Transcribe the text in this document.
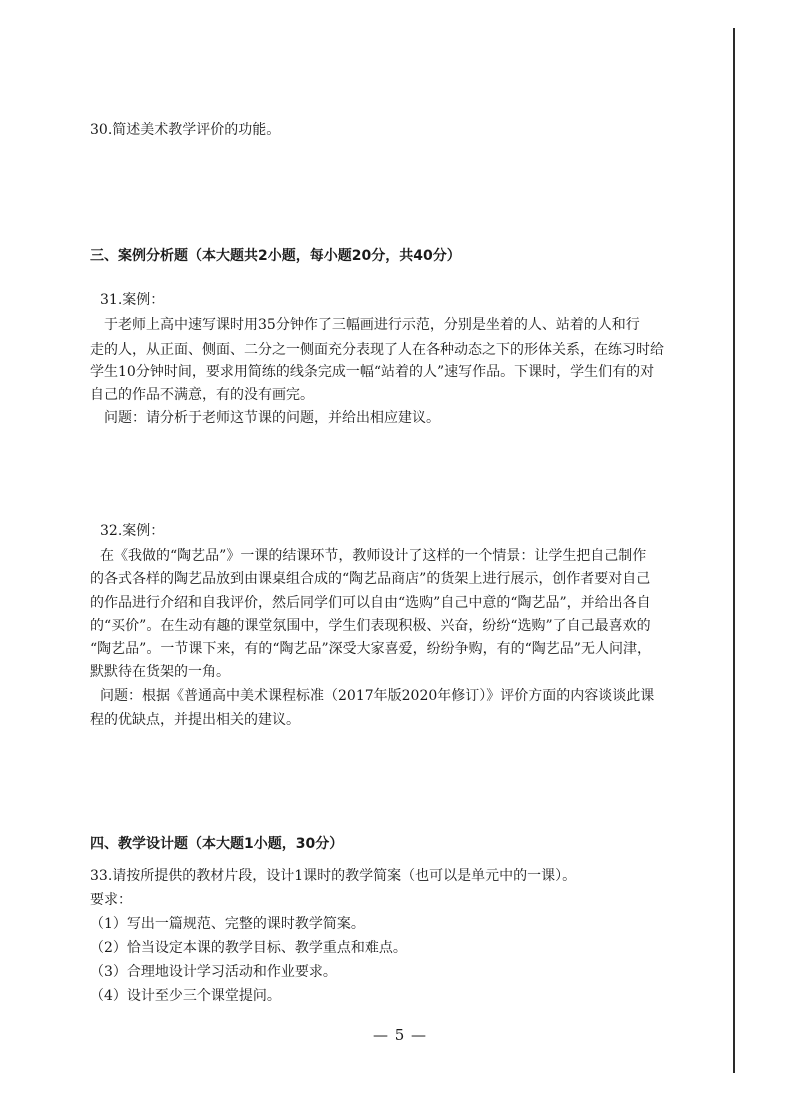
30.简述美术教学评价的功能。

三、案例分析题（本大题共2小题，每小题20分，共40分）

31.案例：

于老师上高中速写课时用35分钟作了三幅画进行示范，分别是坐着的人、站着的人和行

走的人，从正面、侧面、二分之一侧面充分表现了人在各种动态之下的形体关系，在练习时给

学生10分钟时间，要求用简练的线条完成一幅“站着的人”速写作品。下课时，学生们有的对

自己的作品不满意，有的没有画完。

问题：请分析于老师这节课的问题，并给出相应建议。

32.案例：

在《我做的“陶艺品”》一课的结课环节，教师设计了这样的一个情景：让学生把自己制作

的各式各样的陶艺品放到由课桌组合成的“陶艺品商店”的货架上进行展示，创作者要对自己

的作品进行介绍和自我评价，然后同学们可以自由“选购”自己中意的“陶艺品”，并给出各自

的“买价”。在生动有趣的课堂氛围中，学生们表现积极、兴奋，纷纷“选购”了自己最喜欢的

“陶艺品”。一节课下来，有的“陶艺品”深受大家喜爱，纷纷争购，有的“陶艺品”无人问津，

默默待在货架的一角。

问题：根据《普通高中美术课程标准（2017年版2020年修订）》评价方面的内容谈谈此课

程的优缺点，并提出相关的建议。

四、教学设计题（本大题1小题，30分）

33.请按所提供的教材片段，设计1课时的教学简案（也可以是单元中的一课）。

要求：

（1）写出一篇规范、完整的课时教学简案。

（2）恰当设定本课的教学目标、教学重点和难点。

（3）合理地设计学习活动和作业要求。

（4）设计至少三个课堂提问。

— 5 —
